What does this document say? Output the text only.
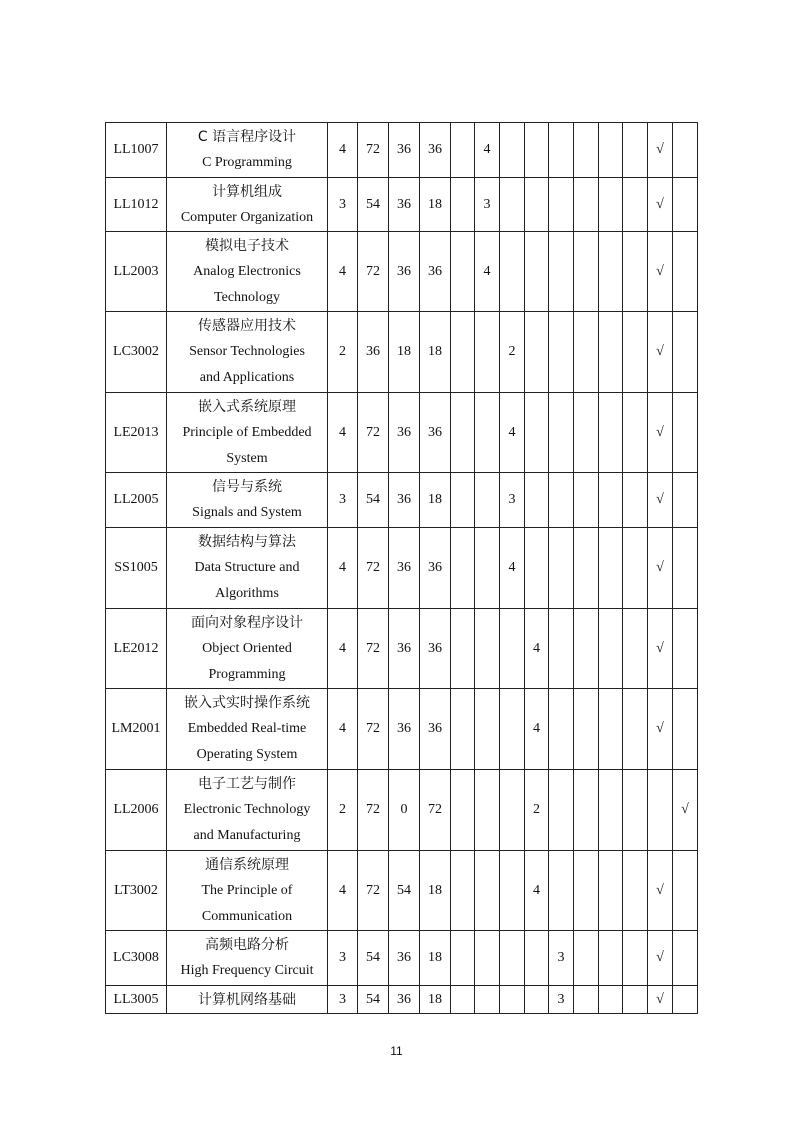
LL1007	C 语言程序设计
C Programming	4	72	36	36		4							√	
LL1012	计算机组成
Computer Organization	3	54	36	18		3							√	
LL2003	模拟电子技术
Analog Electronics
Technology	4	72	36	36		4							√	
LC3002	传感器应用技术
Sensor Technologies
and Applications	2	36	18	18			2						√	
LE2013	嵌入式系统原理
Principle of Embedded
System	4	72	36	36			4						√	
LL2005	信号与系统
Signals and System	3	54	36	18			3						√	
SS1005	数据结构与算法
Data Structure and
Algorithms	4	72	36	36			4						√	
LE2012	面向对象程序设计
Object Oriented
Programming	4	72	36	36				4					√	
LM2001	嵌入式实时操作系统
Embedded Real-time
Operating System	4	72	36	36				4					√	
LL2006	电子工艺与制作
Electronic Technology
and Manufacturing	2	72	0	72				2						√
LT3002	通信系统原理
The Principle of
Communication	4	72	54	18				4					√	
LC3008	高频电路分析
High Frequency Circuit	3	54	36	18					3				√	
LL3005	计算机网络基础	3	54	36	18					3				√	
11
